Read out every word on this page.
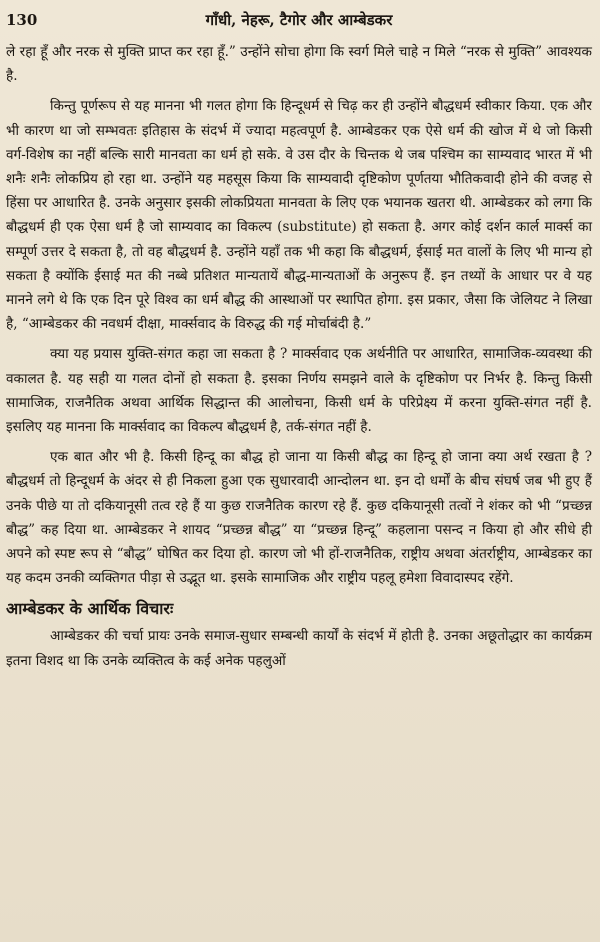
130	गाँधी, नेहरू, टैगोर और आम्बेडकर

ले रहा हूँ और नरक से मुक्ति प्राप्त कर रहा हूँ.” उन्होंने सोचा होगा कि स्वर्ग मिले चाहे न मिले “नरक से मुक्ति” आवश्यक है.

किन्तु पूर्णरूप से यह मानना भी गलत होगा कि हिन्दूधर्म से चिढ़ कर ही उन्होंने बौद्धधर्म स्वीकार किया. एक और भी कारण था जो सम्भवतः इतिहास के संदर्भ में ज्यादा महत्वपूर्ण है. आम्बेडकर एक ऐसे धर्म की खोज में थे जो किसी वर्ग-विशेष का नहीं बल्कि सारी मानवता का धर्म हो सके. वे उस दौर के चिन्तक थे जब पश्चिम का साम्यवाद भारत में भी शनैः शनैः लोकप्रिय हो रहा था. उन्होंने यह महसूस किया कि साम्यवादी दृष्टिकोण पूर्णतया भौतिकवादी होने की वजह से हिंसा पर आधारित है. उनके अनुसार इसकी लोकप्रियता मानवता के लिए एक भयानक खतरा थी. आम्बेडकर को लगा कि बौद्धधर्म ही एक ऐसा धर्म है जो साम्यवाद का विकल्प (substitute) हो सकता है. अगर कोई दर्शन कार्ल मार्क्स का सम्पूर्ण उत्तर दे सकता है, तो वह बौद्धधर्म है. उन्होंने यहाँ तक भी कहा कि बौद्धधर्म, ईसाई मत वालों के लिए भी मान्य हो सकता है क्योंकि ईसाई मत की नब्बे प्रतिशत मान्यतायें बौद्ध-मान्यताओं के अनुरूप हैं. इन तथ्यों के आधार पर वे यह मानने लगे थे कि एक दिन पूरे विश्व का धर्म बौद्ध की आस्थाओं पर स्थापित होगा. इस प्रकार, जैसा कि जेलियट ने लिखा है, “आम्बेडकर की नवधर्म दीक्षा, मार्क्सवाद के विरुद्ध की गई मोर्चाबंदी है.”

क्या यह प्रयास युक्ति-संगत कहा जा सकता है ? मार्क्सवाद एक अर्थनीति पर आधारित, सामाजिक-व्यवस्था की वकालत है. यह सही या गलत दोनों हो सकता है. इसका निर्णय समझने वाले के दृष्टिकोण पर निर्भर है. किन्तु किसी सामाजिक, राजनैतिक अथवा आर्थिक सिद्धान्त की आलोचना, किसी धर्म के परिप्रेक्ष्य में करना युक्ति-संगत नहीं है. इसलिए यह मानना कि मार्क्सवाद का विकल्प बौद्धधर्म है, तर्क-संगत नहीं है.

एक बात और भी है. किसी हिन्दू का बौद्ध हो जाना या किसी बौद्ध का हिन्दू हो जाना क्या अर्थ रखता है ? बौद्धधर्म तो हिन्दूधर्म के अंदर से ही निकला हुआ एक सुधारवादी आन्दोलन था. इन दो धर्मों के बीच संघर्ष जब भी हुए हैं उनके पीछे या तो दकियानूसी तत्व रहे हैं या कुछ राजनैतिक कारण रहे हैं. कुछ दकियानूसी तत्वों ने शंकर को भी “प्रच्छन्न बौद्ध” कह दिया था. आम्बेडकर ने शायद “प्रच्छन्न बौद्ध” या “प्रच्छन्न हिन्दू” कहलाना पसन्द न किया हो और सीधे ही अपने को स्पष्ट रूप से “बौद्ध” घोषित कर दिया हो. कारण जो भी हों-राजनैतिक, राष्ट्रीय अथवा अंतर्राष्ट्रीय, आम्बेडकर का यह कदम उनकी व्यक्तिगत पीड़ा से उद्भूत था. इसके सामाजिक और राष्ट्रीय पहलू हमेशा विवादास्पद रहेंगे.

आम्बेडकर के आर्थिक विचारः

आम्बेडकर की चर्चा प्रायः उनके समाज-सुधार सम्बन्धी कार्यों के संदर्भ में होती है. उनका अछूतोद्धार का कार्यक्रम इतना विशद था कि उनके व्यक्तित्व के कई अनेक पहलुओं
